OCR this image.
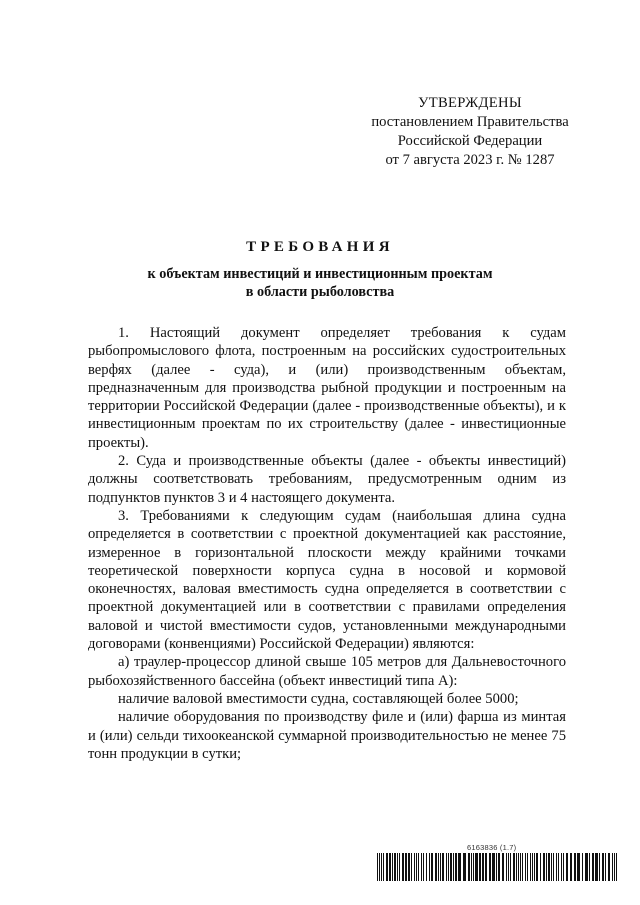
УТВЕРЖДЕНЫ
постановлением Правительства
Российской Федерации
от 7 августа 2023 г. № 1287
ТРЕБОВАНИЯ
к объектам инвестиций и инвестиционным проектам
в области рыболовства

1. Настоящий документ определяет требования к судам рыбопромыслового флота, построенным на российских судостроительных верфях (далее - суда), и (или) производственным объектам, предназначенным для производства рыбной продукции и построенным на территории Российской Федерации (далее - производственные объекты), и к инвестиционным проектам по их строительству (далее - инвестиционные проекты).

2. Суда и производственные объекты (далее - объекты инвестиций) должны соответствовать требованиям, предусмотренным одним из подпунктов пунктов 3 и 4 настоящего документа.

3. Требованиями к следующим судам (наибольшая длина судна определяется в соответствии с проектной документацией как расстояние, измеренное в горизонтальной плоскости между крайними точками теоретической поверхности корпуса судна в носовой и кормовой оконечностях, валовая вместимость судна определяется в соответствии с проектной документацией или в соответствии с правилами определения валовой и чистой вместимости судов, установленными международными договорами (конвенциями) Российской Федерации) являются:

а) траулер-процессор длиной свыше 105 метров для Дальневосточного рыбохозяйственного бассейна (объект инвестиций типа А):

наличие валовой вместимости судна, составляющей более 5000;

наличие оборудования по производству филе и (или) фарша из минтая и (или) сельди тихоокеанской суммарной производительностью не менее 75 тонн продукции в сутки;

6163836 (1.7)
